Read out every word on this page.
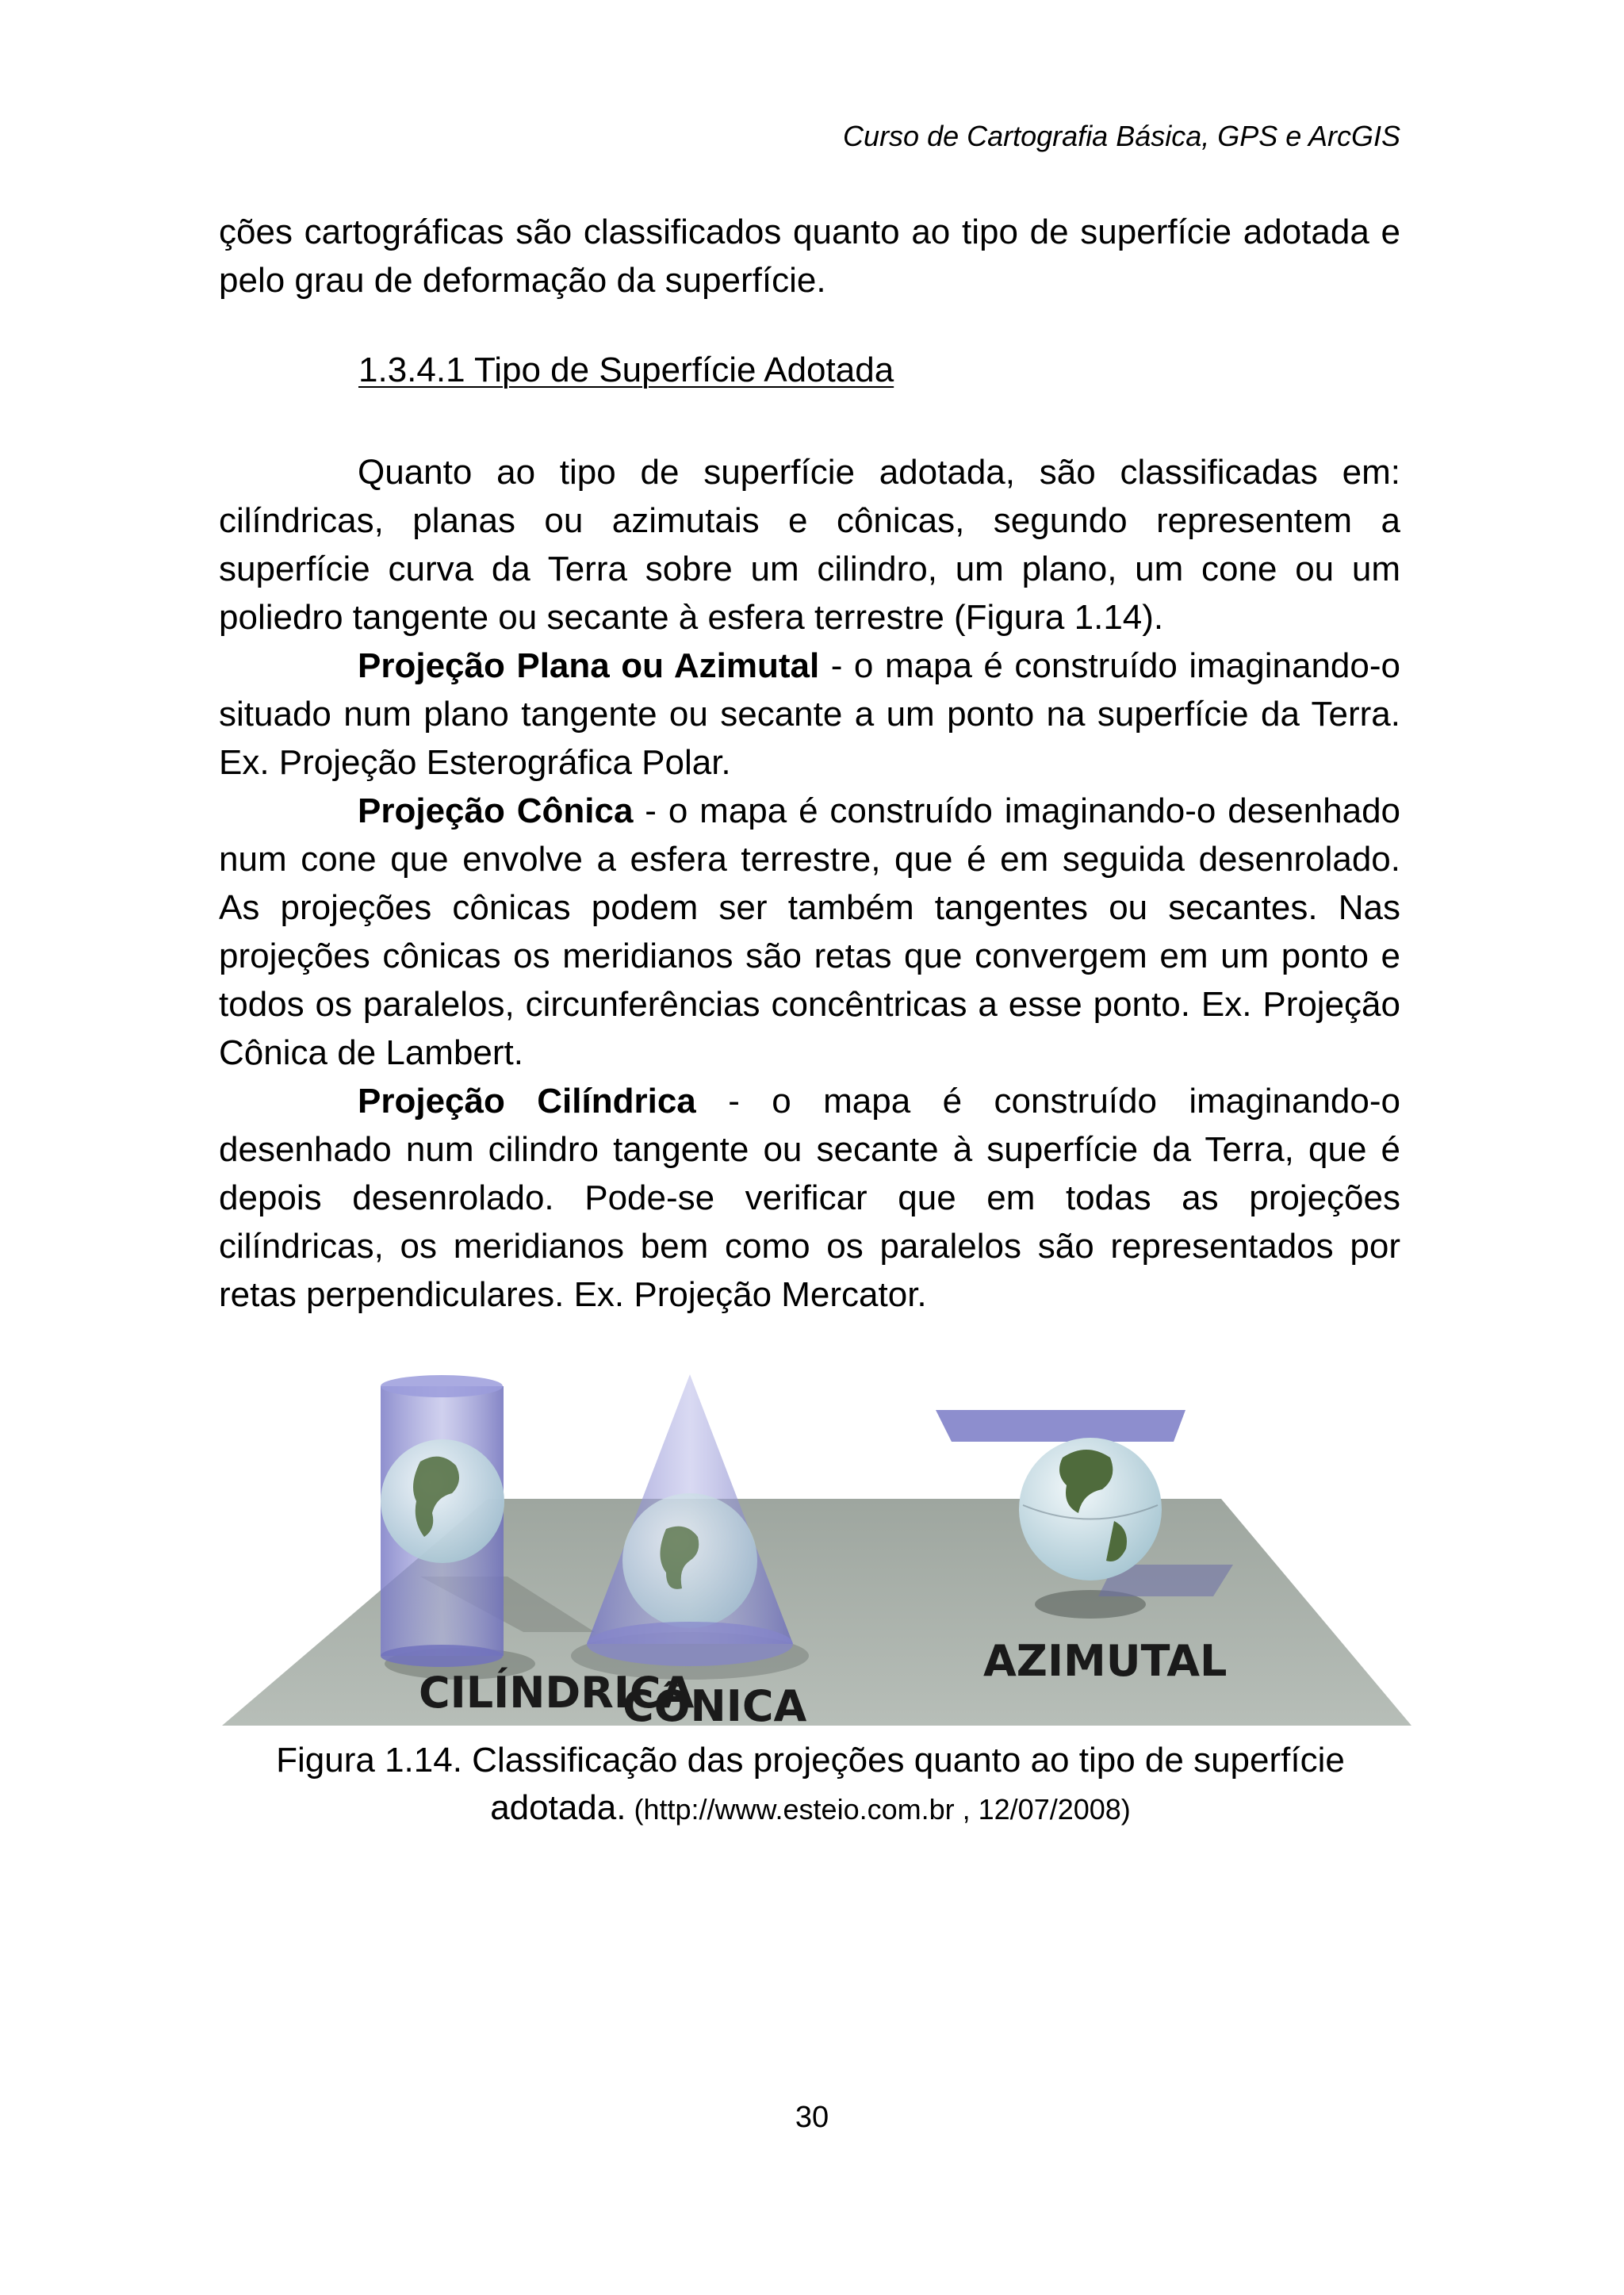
Curso de Cartografia Básica, GPS e ArcGIS

ções cartográficas são classificados quanto ao tipo de superfície adotada e pelo grau de deformação da superfície.

1.3.4.1 Tipo de Superfície Adotada

Quanto ao tipo de superfície adotada, são classificadas em: cilíndricas, planas ou azimutais e cônicas, segundo representem a superfície curva da Terra sobre um cilindro, um plano, um cone ou um poliedro tangente ou secante à esfera terrestre (Figura 1.14).

Projeção Plana ou Azimutal - o mapa é construído imaginando-o situado num plano tangente ou secante a um ponto na superfície da Terra. Ex. Projeção Esterográfica Polar.

Projeção Cônica - o mapa é construído imaginando-o desenhado num cone que envolve a esfera terrestre, que é em seguida desenrolado. As projeções cônicas podem ser também tangentes ou secantes. Nas projeções cônicas os meridianos são retas que convergem em um ponto e todos os paralelos, circunferências concêntricas a esse ponto. Ex. Projeção Cônica de Lambert.

Projeção Cilíndrica - o mapa é construído imaginando-o desenhado num cilindro tangente ou secante à superfície da Terra, que é depois desenrolado. Pode-se verificar que em todas as projeções cilíndricas, os meridianos bem como os paralelos são representados por retas perpendiculares. Ex. Projeção Mercator.

CILÍNDRICA
CÔNICA
AZIMUTAL
Figura 1.14. Classificação das projeções quanto ao tipo de superfície adotada. (http://www.esteio.com.br , 12/07/2008)
30
